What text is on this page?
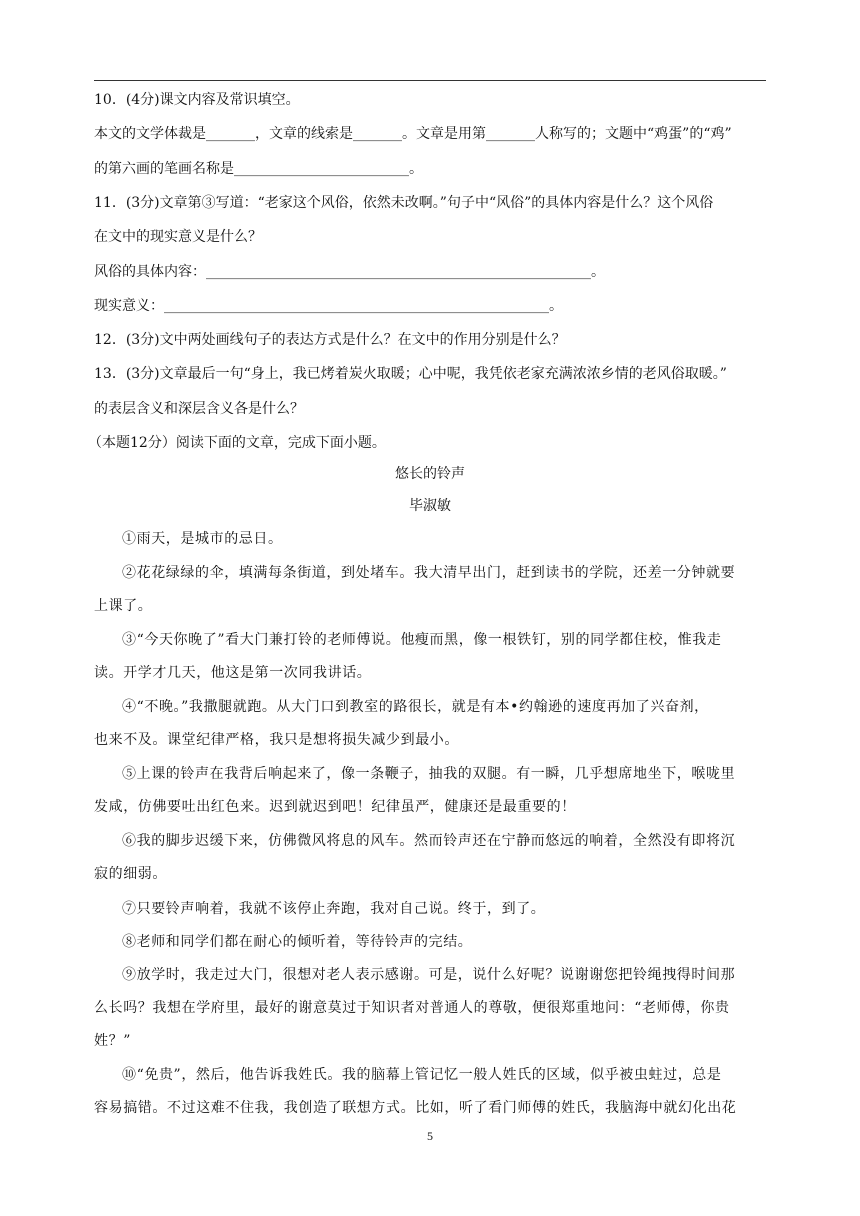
10．(4分)课文内容及常识填空。
本文的文学体裁是_______，文章的线索是_______。文章是用第_______人称写的；文题中“鸡蛋”的“鸡”
的第六画的笔画名称是_________________________。
11．(3分)文章第③写道：“老家这个风俗，依然未改啊。”句子中“风俗”的具体内容是什么？这个风俗
在文中的现实意义是什么？
风俗的具体内容：_______________________________________________________。
现实意义：_______________________________________________________。
12．(3分)文中两处画线句子的表达方式是什么？在文中的作用分别是什么？
13．(3分)文章最后一句“身上，我已烤着炭火取暖；心中呢，我凭依老家充满浓浓乡情的老风俗取暖。”
的表层含义和深层含义各是什么？
（本题12分）阅读下面的文章，完成下面小题。
悠长的铃声
毕淑敏
①雨天，是城市的忌日。
②花花绿绿的伞，填满每条街道，到处堵车。我大清早出门，赶到读书的学院，还差一分钟就要
上课了。
③“今天你晚了”看大门兼打铃的老师傅说。他瘦而黑，像一根铁钉，别的同学都住校，惟我走
读。开学才几天，他这是第一次同我讲话。
④“不晚。”我撒腿就跑。从大门口到教室的路很长，就是有本•约翰逊的速度再加了兴奋剂，
也来不及。课堂纪律严格，我只是想将损失减少到最小。
⑤上课的铃声在我背后响起来了，像一条鞭子，抽我的双腿。有一瞬，几乎想席地坐下，喉咙里
发咸，仿佛要吐出红色来。迟到就迟到吧！纪律虽严，健康还是最重要的！
⑥我的脚步迟缓下来，仿佛微风将息的风车。然而铃声还在宁静而悠远的响着，全然没有即将沉
寂的细弱。
⑦只要铃声响着，我就不该停止奔跑，我对自己说。终于，到了。
⑧老师和同学们都在耐心的倾听着，等待铃声的完结。
⑨放学时，我走过大门，很想对老人表示感谢。可是，说什么好呢？说谢谢您把铃绳拽得时间那
么长吗？我想在学府里，最好的谢意莫过于知识者对普通人的尊敬，便很郑重地问：“老师傅，你贵
姓？”
⑩“免贵”，然后，他告诉我姓氏。我的脑幕上管记忆一般人姓氏的区域，似乎被虫蛀过，总是
容易搞错。不过这难不住我，我创造了联想方式。比如，听了看门师傅的姓氏，我脑海中就幻化出花
5
